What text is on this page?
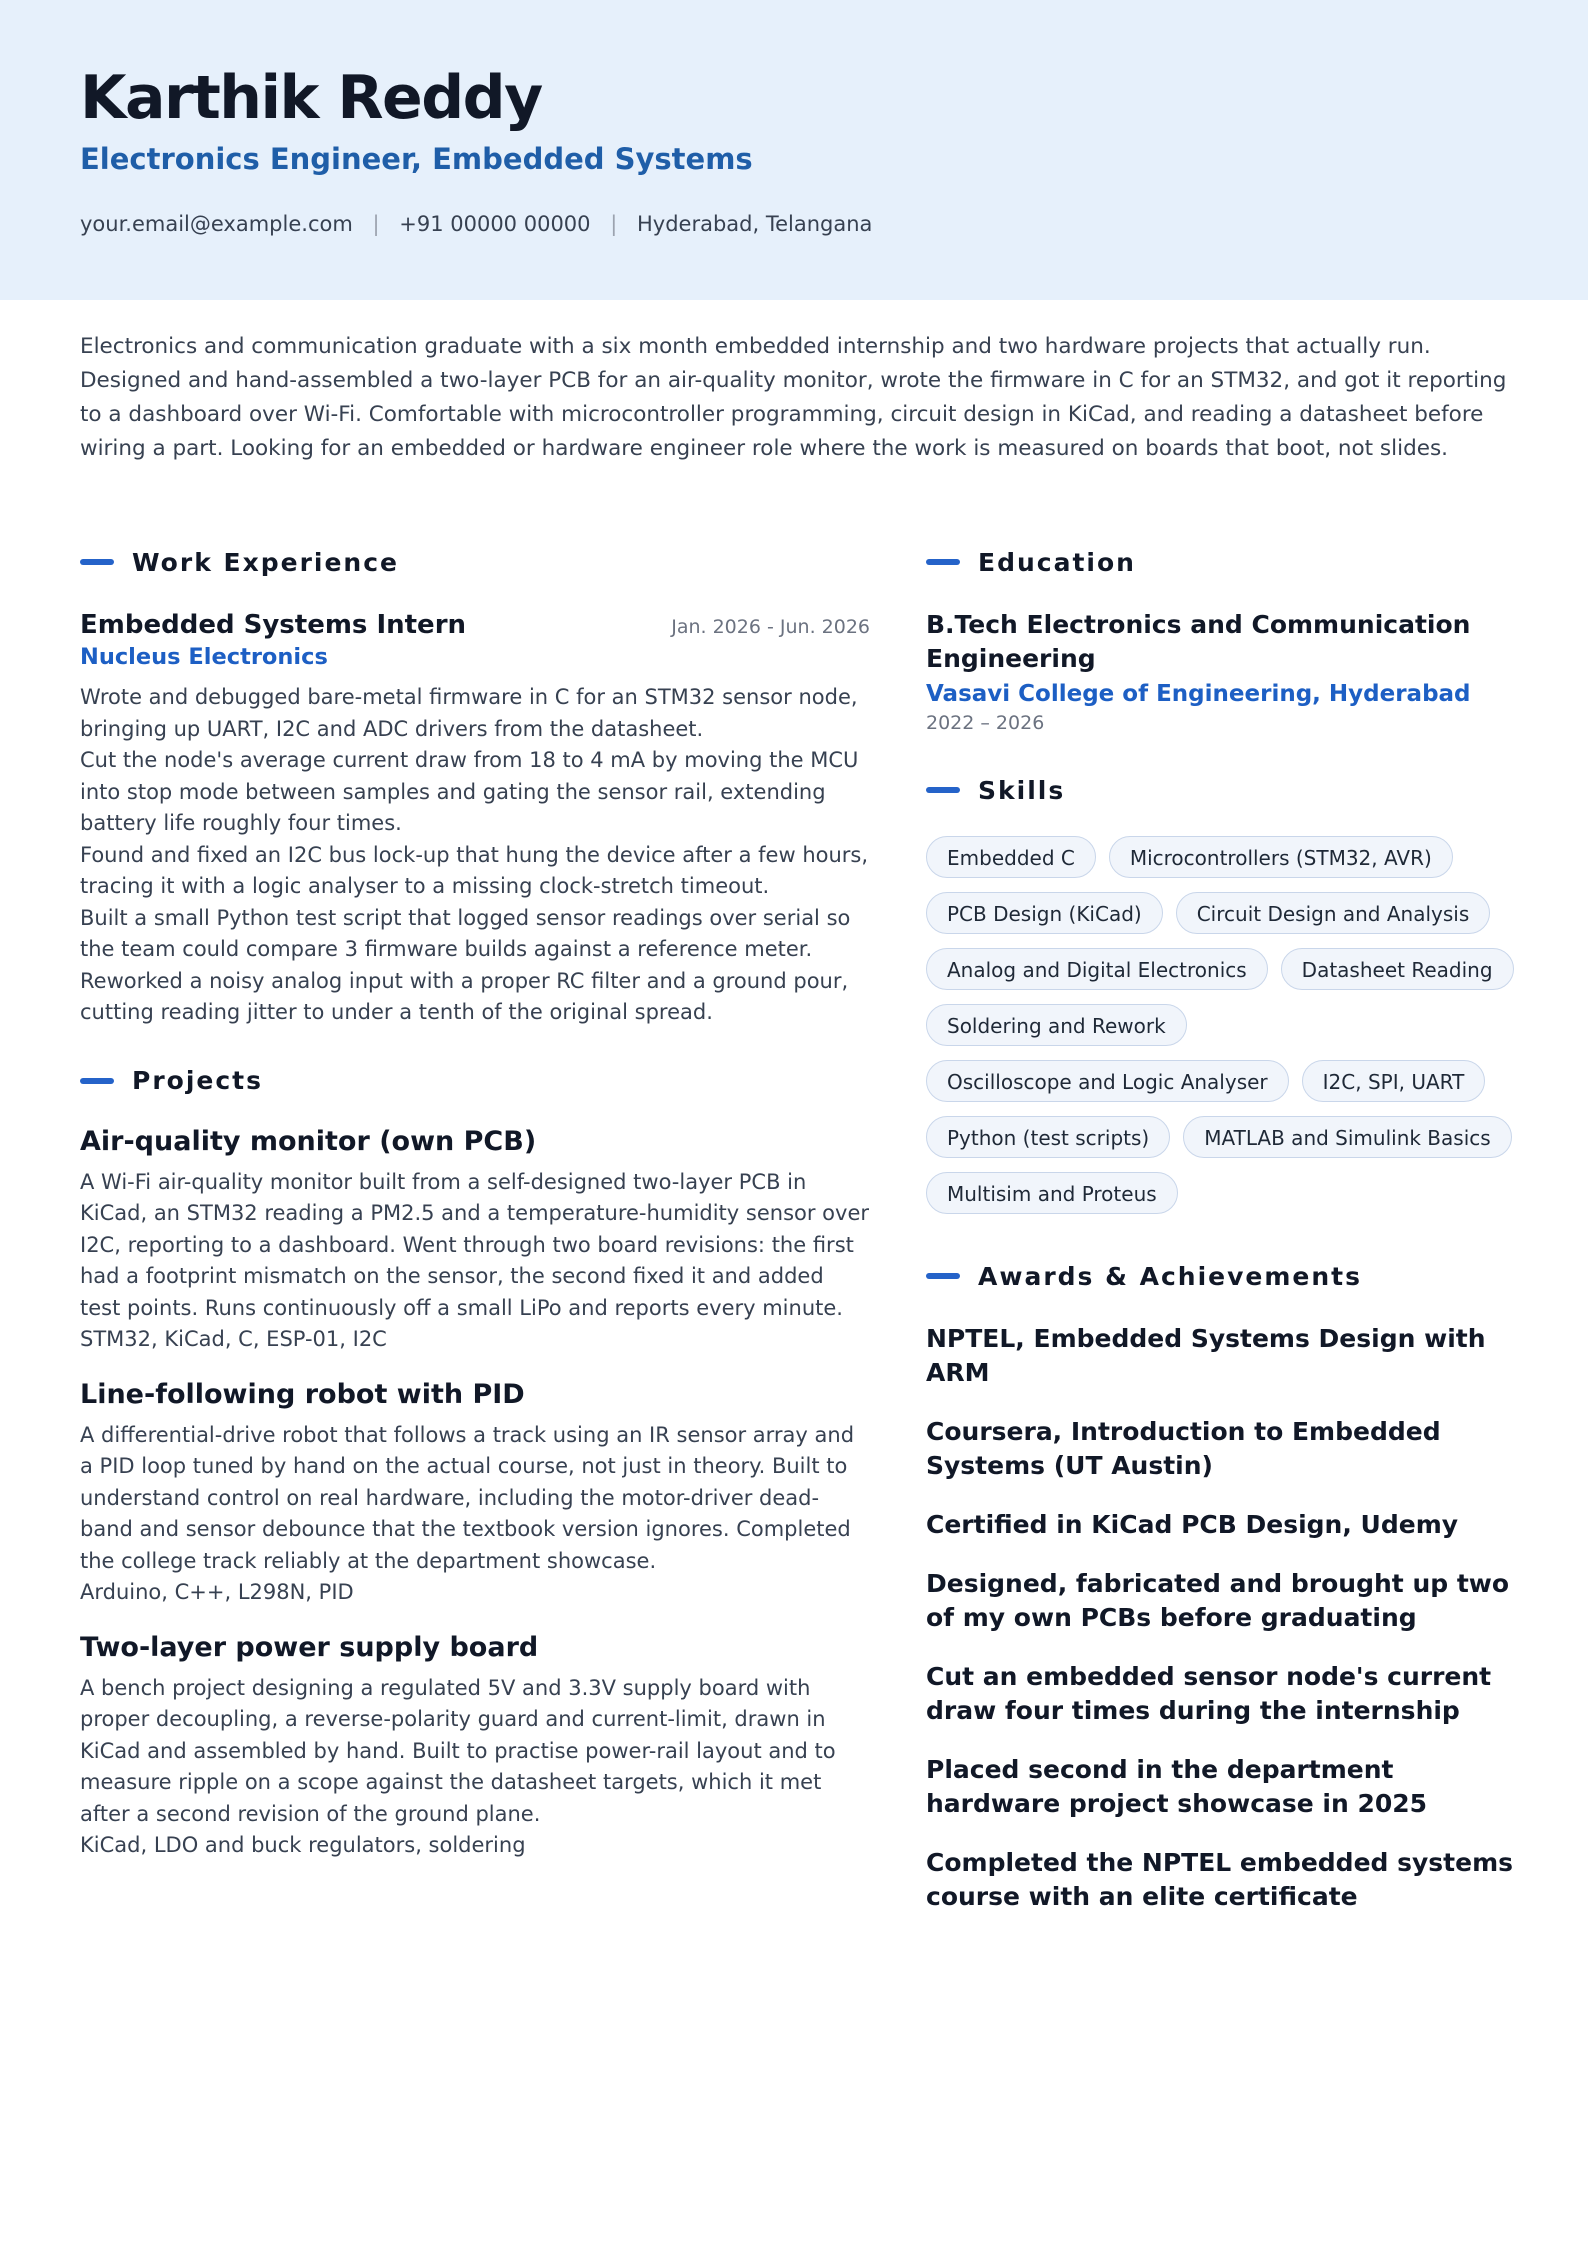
Karthik Reddy
Electronics Engineer, Embedded Systems
your.email@example.com | +91 00000 00000 | Hyderabad, Telangana

Electronics and communication graduate with a six month embedded internship and two hardware projects that actually run. Designed and hand-assembled a two-layer PCB for an air-quality monitor, wrote the firmware in C for an STM32, and got it reporting to a dashboard over Wi-Fi. Comfortable with microcontroller programming, circuit design in KiCad, and reading a datasheet before wiring a part. Looking for an embedded or hardware engineer role where the work is measured on boards that boot, not slides.

Work Experience
Embedded Systems Intern	Jan. 2026 - Jun. 2026
Nucleus Electronics
Wrote and debugged bare-metal firmware in C for an STM32 sensor node, bringing up UART, I2C and ADC drivers from the datasheet.
Cut the node's average current draw from 18 to 4 mA by moving the MCU into stop mode between samples and gating the sensor rail, extending battery life roughly four times.
Found and fixed an I2C bus lock-up that hung the device after a few hours, tracing it with a logic analyser to a missing clock-stretch timeout.
Built a small Python test script that logged sensor readings over serial so the team could compare 3 firmware builds against a reference meter.
Reworked a noisy analog input with a proper RC filter and a ground pour, cutting reading jitter to under a tenth of the original spread.
Projects
Air-quality monitor (own PCB)
A Wi-Fi air-quality monitor built from a self-designed two-layer PCB in KiCad, an STM32 reading a PM2.5 and a temperature-humidity sensor over I2C, reporting to a dashboard. Went through two board revisions: the first had a footprint mismatch on the sensor, the second fixed it and added test points. Runs continuously off a small LiPo and reports every minute.
STM32, KiCad, C, ESP-01, I2C
Line-following robot with PID
A differential-drive robot that follows a track using an IR sensor array and a PID loop tuned by hand on the actual course, not just in theory. Built to understand control on real hardware, including the motor-driver dead-band and sensor debounce that the textbook version ignores. Completed the college track reliably at the department showcase.
Arduino, C++, L298N, PID
Two-layer power supply board
A bench project designing a regulated 5V and 3.3V supply board with proper decoupling, a reverse-polarity guard and current-limit, drawn in KiCad and assembled by hand. Built to practise power-rail layout and to measure ripple on a scope against the datasheet targets, which it met after a second revision of the ground plane.
KiCad, LDO and buck regulators, soldering
Education
B.Tech Electronics and Communication Engineering
Vasavi College of Engineering, Hyderabad
2022 – 2026
Skills
Embedded C	Microcontrollers (STM32, AVR)
PCB Design (KiCad)	Circuit Design and Analysis
Analog and Digital Electronics	Datasheet Reading
Soldering and Rework
Oscilloscope and Logic Analyser	I2C, SPI, UART
Python (test scripts)	MATLAB and Simulink Basics
Multisim and Proteus
Awards & Achievements
NPTEL, Embedded Systems Design with ARM
Coursera, Introduction to Embedded Systems (UT Austin)
Certified in KiCad PCB Design, Udemy
Designed, fabricated and brought up two of my own PCBs before graduating
Cut an embedded sensor node's current draw four times during the internship
Placed second in the department hardware project showcase in 2025
Completed the NPTEL embedded systems course with an elite certificate
